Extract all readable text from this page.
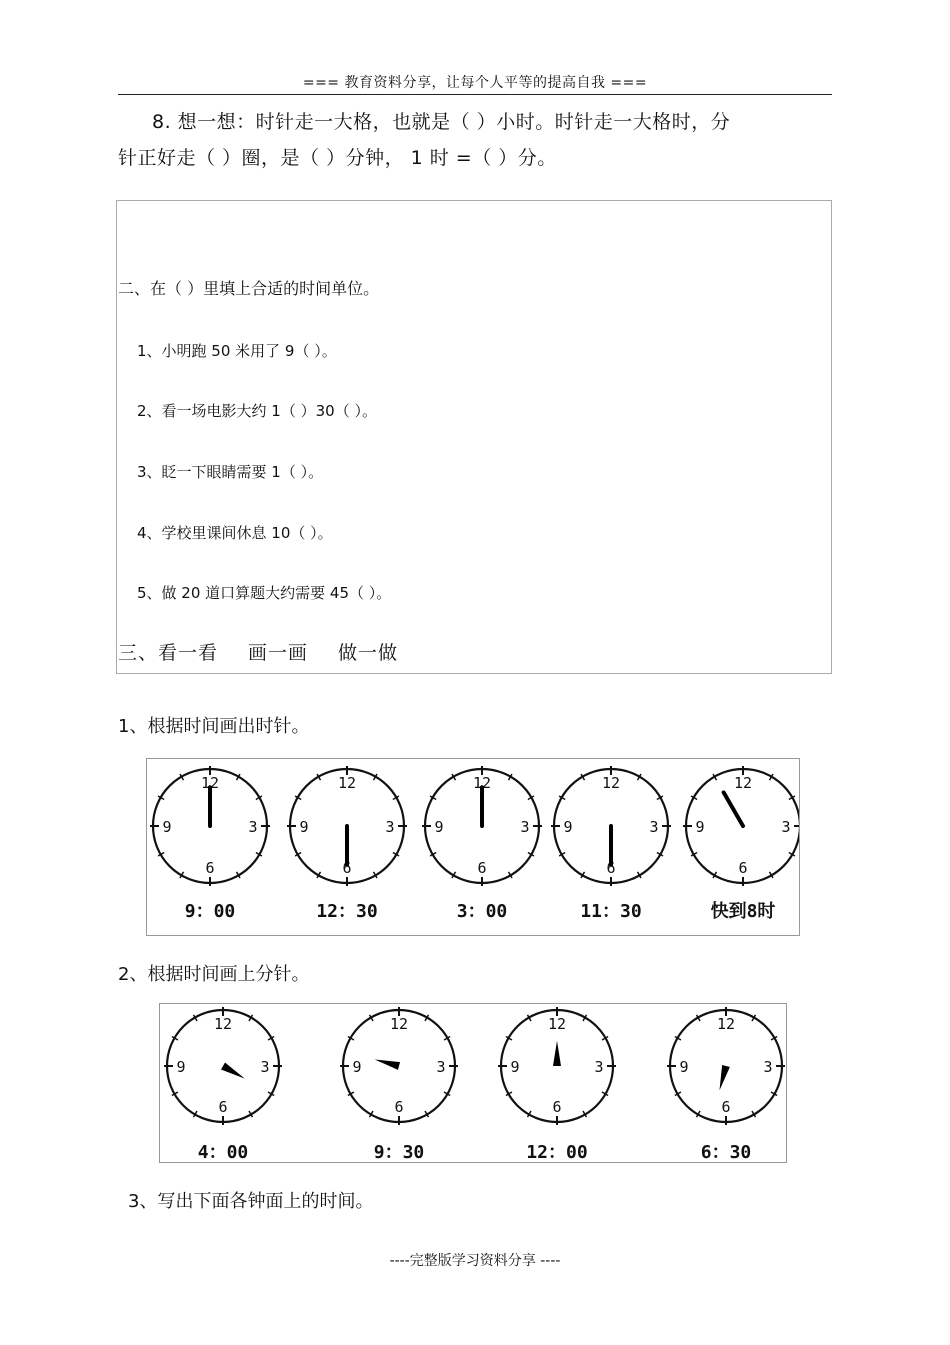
=== 教育资料分享，让每个人平等的提高自我 ===
8. 想一想：时针走一大格，也就是（ ）小时。时针走一大格时，分
针正好走（ ）圈，是（ ）分钟， 1 时 =（ ）分。
二、在（ ）里填上合适的时间单位。
1、小明跑 50 米用了 9（ ）。
2、看一场电影大约 1（ ）30（ ）。
3、眨一下眼睛需要 1（ ）。
4、学校里课间休息 10（ ）。
5、做 20 道口算题大约需要 45（ ）。
三、看一看 画一画 做一做
1、根据时间画出时针。
12
3
6
9
12
3
6
9
12
3
6
9
12
3
6
9
12
3
6
9
9：00	12：30	3：00	11：30	快到8时
2、根据时间画上分针。
12
3
6
9
12
3
6
9
12
3
6
9
12
3
6
9
4：00	9：30	12：00	6：30
3、写出下面各钟面上的时间。
----完整版学习资料分享 ----
